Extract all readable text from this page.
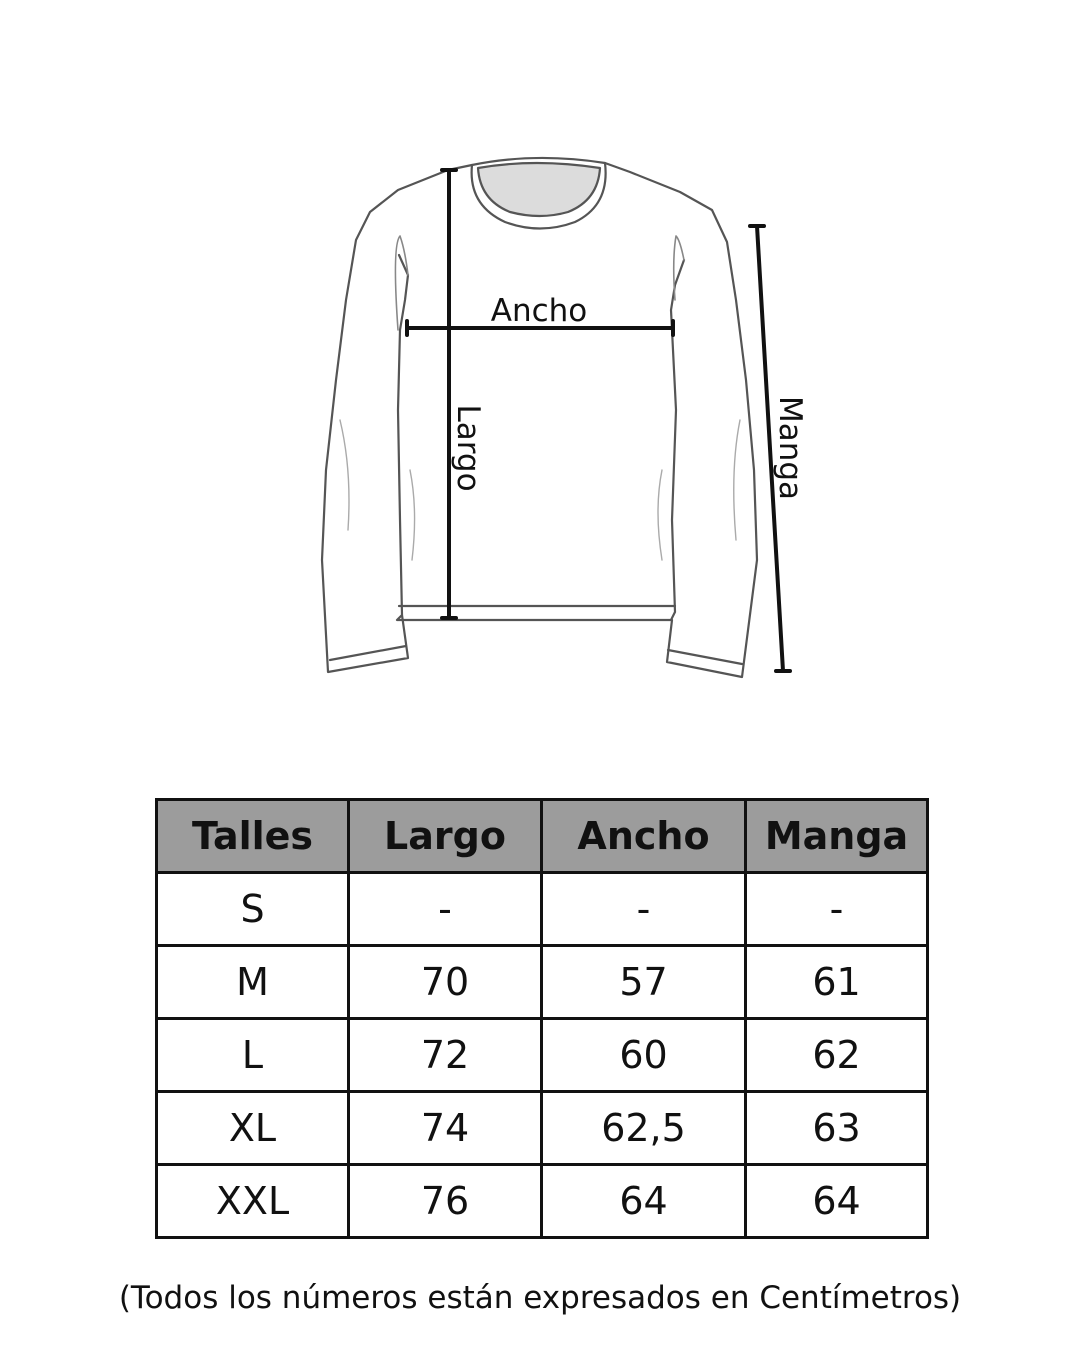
Ancho
Largo	Manga
Talles	Largo	Ancho	Manga
S	-	-	-
M	70	57	61
L	72	60	62
XL	74	62,5	63
XXL	76	64	64

(Todos los números están expresados en Centímetros)
